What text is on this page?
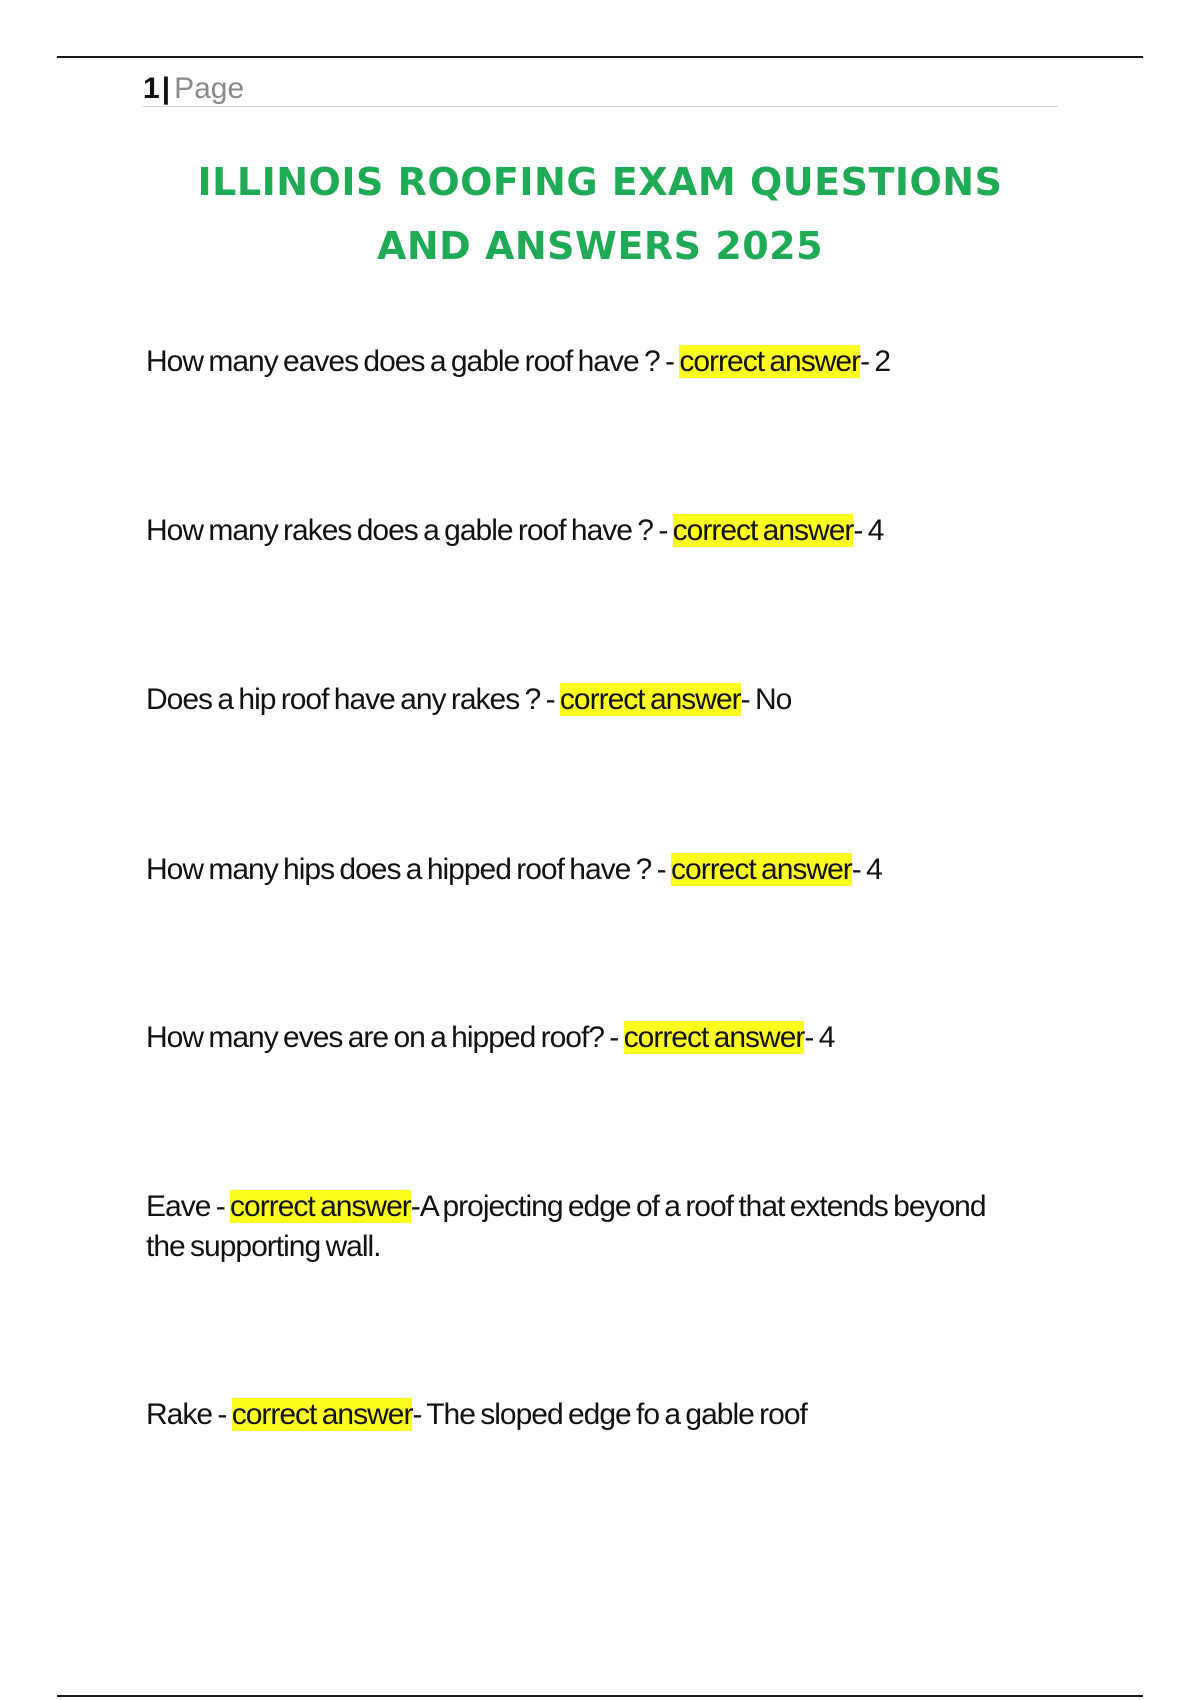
1| Page
ILLINOIS ROOFING EXAM QUESTIONS
AND ANSWERS 2025
How many eaves does a gable roof have ? - correct answer- 2
How many rakes does a gable roof have ? - correct answer- 4
Does a hip roof have any rakes ? - correct answer- No
How many hips does a hipped roof have ? - correct answer- 4
How many eves are on a hipped roof? - correct answer- 4
Eave - correct answer-A projecting edge of a roof that extends beyond the supporting wall.
Rake - correct answer- The sloped edge fo a gable roof
